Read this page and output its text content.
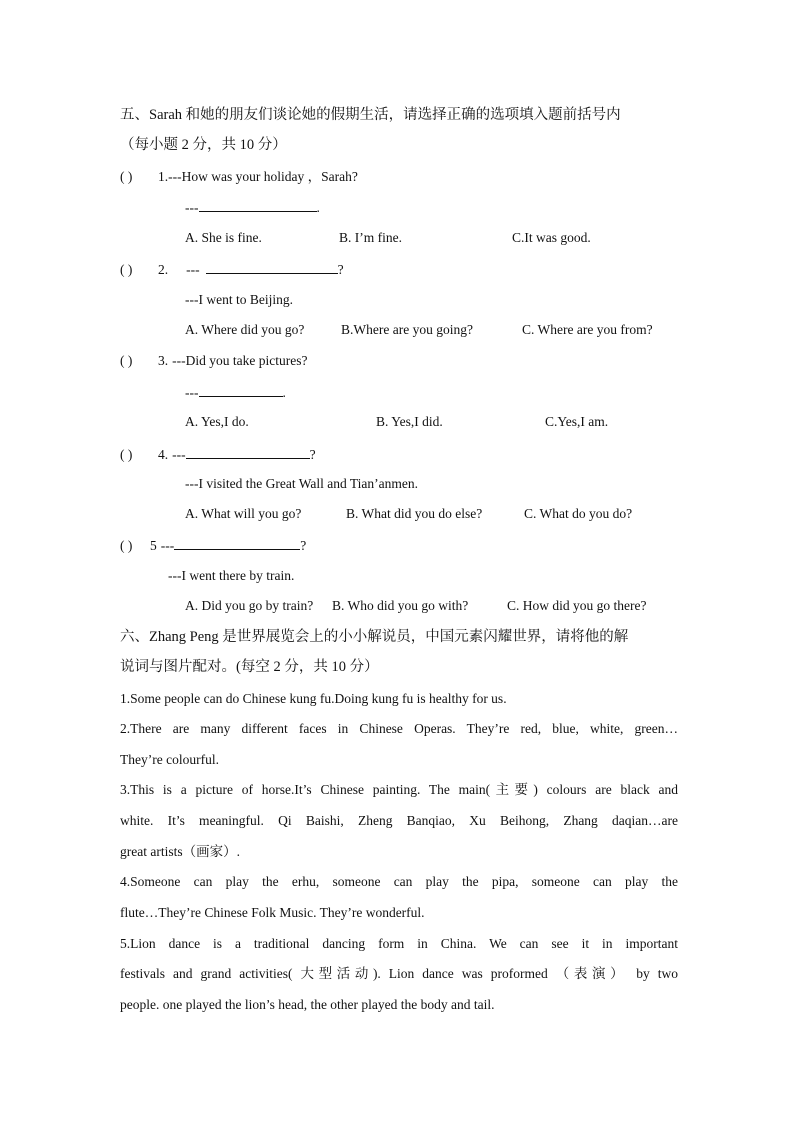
五、Sarah 和她的朋友们谈论她的假期生活，请选择正确的选项填入题前括号内
（每小题 2 分，共 10 分）
( ) 1.---How was your holiday ，Sarah?
---	.
A. She is fine.	B. I’m fine.	C.It was good.
( ) 2. ---	?
---I went to Beijing.
A. Where did you go?	B.Where are you going?	C. Where are you from?
( ) 3. ---Did you take pictures?
---	.
A. Yes,I do.	B. Yes,I did.	C.Yes,I am.
( ) 4. ---	?
---I visited the Great Wall and Tian’anmen.
A. What will you go?	B. What did you do else?	C. What do you do?
( ) 5 ---	?
---I went there by train.
A. Did you go by train? B. Who did you go with?	C. How did you go there?
六、Zhang Peng 是世界展览会上的小小解说员，中国元素闪耀世界，请将他的解
说词与图片配对。(每空 2 分，共 10 分）
1.Some people can do Chinese kung fu.Doing kung fu is healthy for us.
2.There are many different faces in Chinese Operas. They’re red, blue, white, green…
They’re colourful.
3.This is a picture of horse.It’s Chinese painting. The main(主要) colours are black and
white. It’s meaningful. Qi Baishi, Zheng Banqiao, Xu Beihong, Zhang daqian…are
great artists（画家）.
4.Someone can play the erhu, someone can play the pipa, someone can play the
flute…They’re Chinese Folk Music. They’re wonderful.
5.Lion dance is a traditional dancing form in China. We can see it in important
festivals and grand activities( 大型活动). Lion dance was proformed （表演） by two
people. one played the lion’s head, the other played the body and tail.
